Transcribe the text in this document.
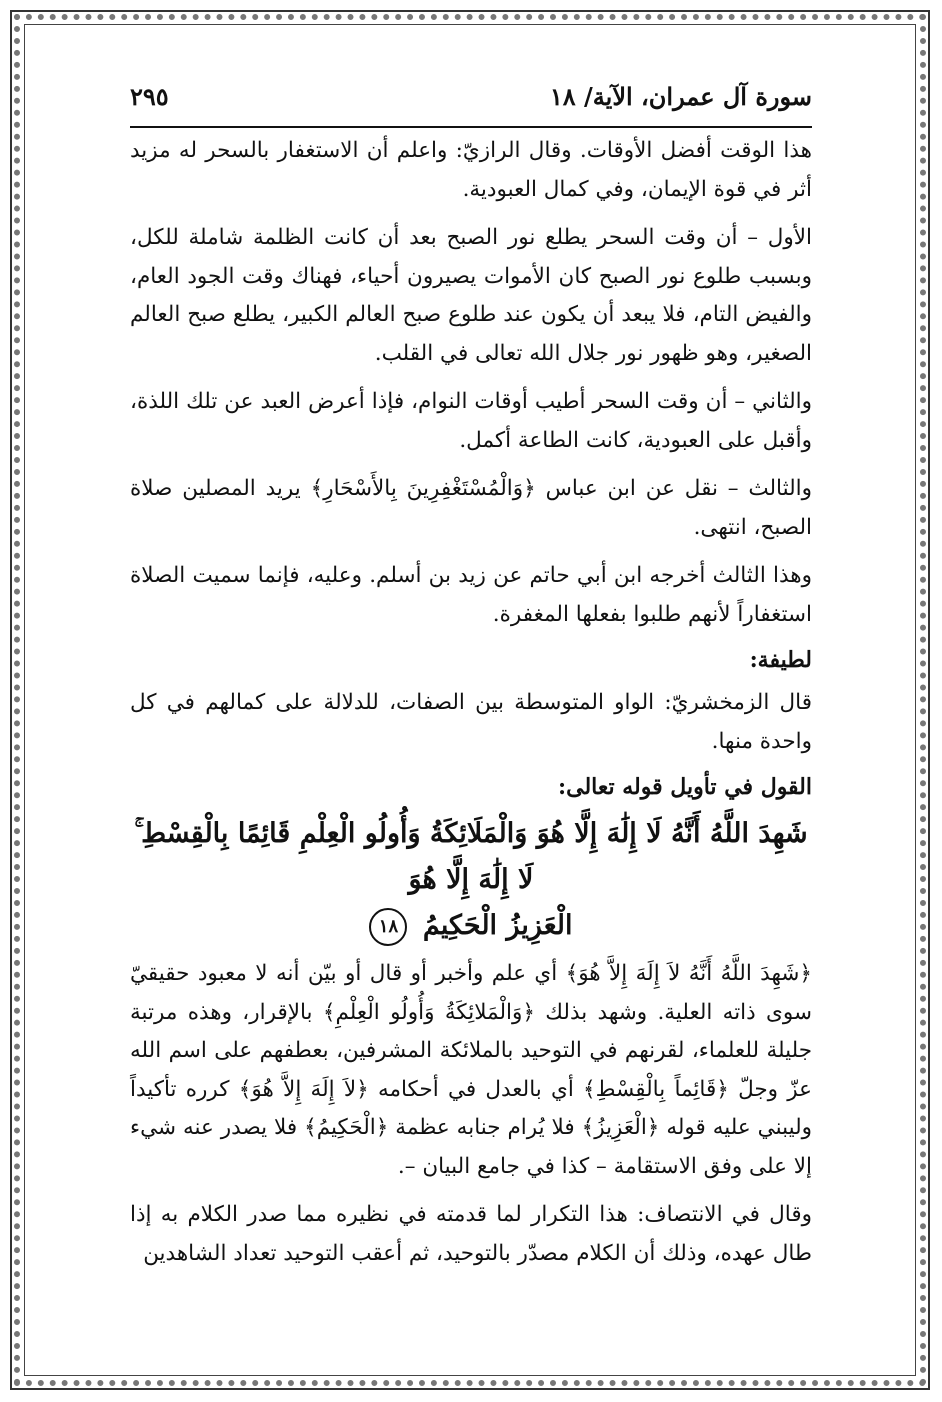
سورة آل عمران، الآية/ ١٨
٢٩٥

هذا الوقت أفضل الأوقات. وقال الرازيّ: واعلم أن الاستغفار بالسحر له مزيد أثر في قوة الإيمان، وفي كمال العبودية.

الأول – أن وقت السحر يطلع نور الصبح بعد أن كانت الظلمة شاملة للكل، وبسبب طلوع نور الصبح كان الأموات يصيرون أحياء، فهناك وقت الجود العام، والفيض التام، فلا يبعد أن يكون عند طلوع صبح العالم الكبير، يطلع صبح العالم الصغير، وهو ظهور نور جلال الله تعالى في القلب.

والثاني – أن وقت السحر أطيب أوقات النوام، فإذا أعرض العبد عن تلك اللذة، وأقبل على العبودية، كانت الطاعة أكمل.

والثالث – نقل عن ابن عباس ﴿وَالْمُسْتَغْفِرِينَ بِالأَسْحَارِ﴾ يريد المصلين صلاة الصبح، انتهى.

وهذا الثالث أخرجه ابن أبي حاتم عن زيد بن أسلم. وعليه، فإنما سميت الصلاة استغفاراً لأنهم طلبوا بفعلها المغفرة.

لطيفة:

قال الزمخشريّ: الواو المتوسطة بين الصفات، للدلالة على كمالهم في كل واحدة منها.

القول في تأويل قوله تعالى:
شَهِدَ اللَّهُ أَنَّهُ لَا إِلَٰهَ إِلَّا هُوَ وَالْمَلَائِكَةُ وَأُولُو الْعِلْمِ قَائِمًا بِالْقِسْطِ ۚ لَا إِلَٰهَ إِلَّا هُوَ
الْعَزِيزُ الْحَكِيمُ ١٨

﴿شَهِدَ اللَّهُ أَنَّهُ لاَ إِلَهَ إِلاَّ هُوَ﴾ أي علم وأخبر أو قال أو بيّن أنه لا معبود حقيقيّ سوى ذاته العلية. وشهد بذلك ﴿وَالْمَلائِكَةُ وَأُولُو الْعِلْمِ﴾ بالإقرار، وهذه مرتبة جليلة للعلماء، لقرنهم في التوحيد بالملائكة المشرفين، بعطفهم على اسم الله عزّ وجلّ ﴿قَائِماً بِالْقِسْطِ﴾ أي بالعدل في أحكامه ﴿لاَ إِلَهَ إِلاَّ هُوَ﴾ كرره تأكيداً وليبني عليه قوله ﴿الْعَزِيزُ﴾ فلا يُرام جنابه عظمة ﴿الْحَكِيمُ﴾ فلا يصدر عنه شيء إلا على وفق الاستقامة – كذا في جامع البيان –.

وقال في الانتصاف: هذا التكرار لما قدمته في نظيره مما صدر الكلام به إذا طال عهده، وذلك أن الكلام مصدّر بالتوحيد، ثم أعقب التوحيد تعداد الشاهدين
